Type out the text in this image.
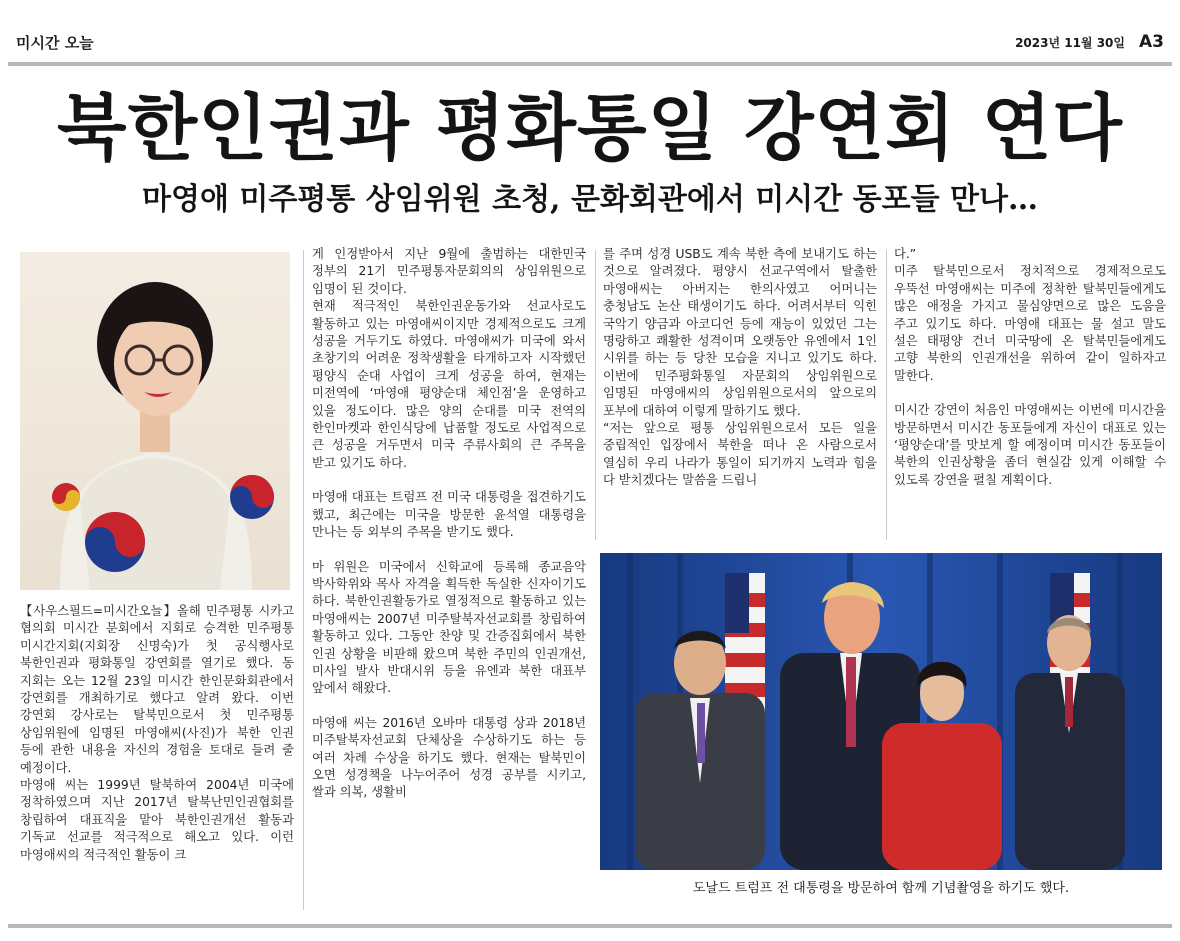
미시간 오늘	2023년 11월 30일 A3
북한인권과 평화통일 강연회 연다
마영애 미주평통 상임위원 초청, 문화회관에서 미시간 동포들 만나…

【사우스필드=미시간오늘】올해 민주평통 시카고 협의회 미시간 분회에서 지회로 승격한 민주평통 미시간지회(지회장 신명숙)가 첫 공식행사로 북한인권과 평화통일 강연회를 열기로 했다. 동 지회는 오는 12월 23일 미시간 한인문화회관에서 강연회를 개최하기로 했다고 알려 왔다. 이번 강연회 강사로는 탈북민으로서 첫 민주평통 상임위원에 임명된 마영애씨(사진)가 북한 인권 등에 관한 내용을 자신의 경험을 토대로 들려 줄 예정이다.

마영애 씨는 1999년 탈북하여 2004년 미국에 정착하였으며 지난 2017년 탈북난민인권협회를 창립하여 대표직을 맡아 북한인권개선 활동과 기독교 선교를 적극적으로 해오고 있다. 이런 마영애씨의 적극적인 활동이 크

게 인정받아서 지난 9월에 출범하는 대한민국 정부의 21기 민주평통자문회의의 상임위원으로 임명이 된 것이다.

현재 적극적인 북한인권운동가와 선교사로도 활동하고 있는 마영애씨이지만 경제적으로도 크게 성공을 거두기도 하였다. 마영애씨가 미국에 와서 초창기의 어려운 정착생활을 타개하고자 시작했던 평양식 순대 사업이 크게 성공을 하여, 현재는 미전역에 ‘마영애 평양순대 체인점’을 운영하고 있을 정도이다. 많은 양의 순대를 미국 전역의 한인마켓과 한인식당에 납품할 정도로 사업적으로 큰 성공을 거두면서 미국 주류사회의 큰 주목을 받고 있기도 하다.

마영애 대표는 트럼프 전 미국 대통령을 접견하기도 했고, 최근에는 미국을 방문한 윤석열 대통령을 만나는 등 외부의 주목을 받기도 했다.

마 위원은 미국에서 신학교에 등록해 종교음악 박사학위와 목사 자격을 획득한 독실한 신자이기도 하다. 북한인권활동가로 열정적으로 활동하고 있는 마영애씨는 2007년 미주탈북자선교회를 창립하여 활동하고 있다. 그동안 찬양 및 간증집회에서 북한 인권 상황을 비판해 왔으며 북한 주민의 인권개선, 미사일 발사 반대시위 등을 유엔과 북한 대표부 앞에서 해왔다.

마영애 씨는 2016년 오바마 대통령 상과 2018년 미주탈북자선교회 단체상을 수상하기도 하는 등 여러 차례 수상을 하기도 했다. 현재는 탈북민이 오면 성경책을 나누어주어 성경 공부를 시키고, 쌀과 의복, 생활비

를 주며 성경 USB도 계속 북한 측에 보내기도 하는 것으로 알려졌다. 평양시 선교구역에서 탈출한 마영애씨는 아버지는 한의사였고 어머니는 충청남도 논산 태생이기도 하다. 어려서부터 익힌 국악기 양금과 아코디언 등에 재능이 있었던 그는 명랑하고 쾌활한 성격이며 오랫동안 유엔에서 1인 시위를 하는 등 당찬 모습을 지니고 있기도 하다. 이번에 민주평화통일 자문회의 상임위원으로 임명된 마영애씨의 상임위원으로서의 앞으로의 포부에 대하여 이렇게 말하기도 했다.

“저는 앞으로 평통 상임위원으로서 모든 일을 중립적인 입장에서 북한을 떠나 온 사람으로서 열심히 우리 나라가 통일이 되기까지 노력과 힘을 다 받치겠다는 말씀을 드립니

다.”

미주 탈북민으로서 정치적으로 경제적으로도 우뚝선 마영애씨는 미주에 정착한 탈북민들에게도 많은 애정을 가지고 물심양면으로 많은 도움을 주고 있기도 하다. 마영애 대표는 물 설고 말도 설은 태평양 건너 미국땅에 온 탈북민들에게도 고향 북한의 인권개선을 위하여 같이 일하자고 말한다.

미시간 강연이 처음인 마영애씨는 이번에 미시간을 방문하면서 미시간 동포들에게 자신이 대표로 있는 ‘평양순대’를 맛보게 할 예정이며 미시간 동포들이 북한의 인권상황을 좀더 현실감 있게 이해할 수 있도록 강연을 펼칠 계획이다.

도날드 트럼프 전 대통령을 방문하여 함께 기념촬영을 하기도 했다.
